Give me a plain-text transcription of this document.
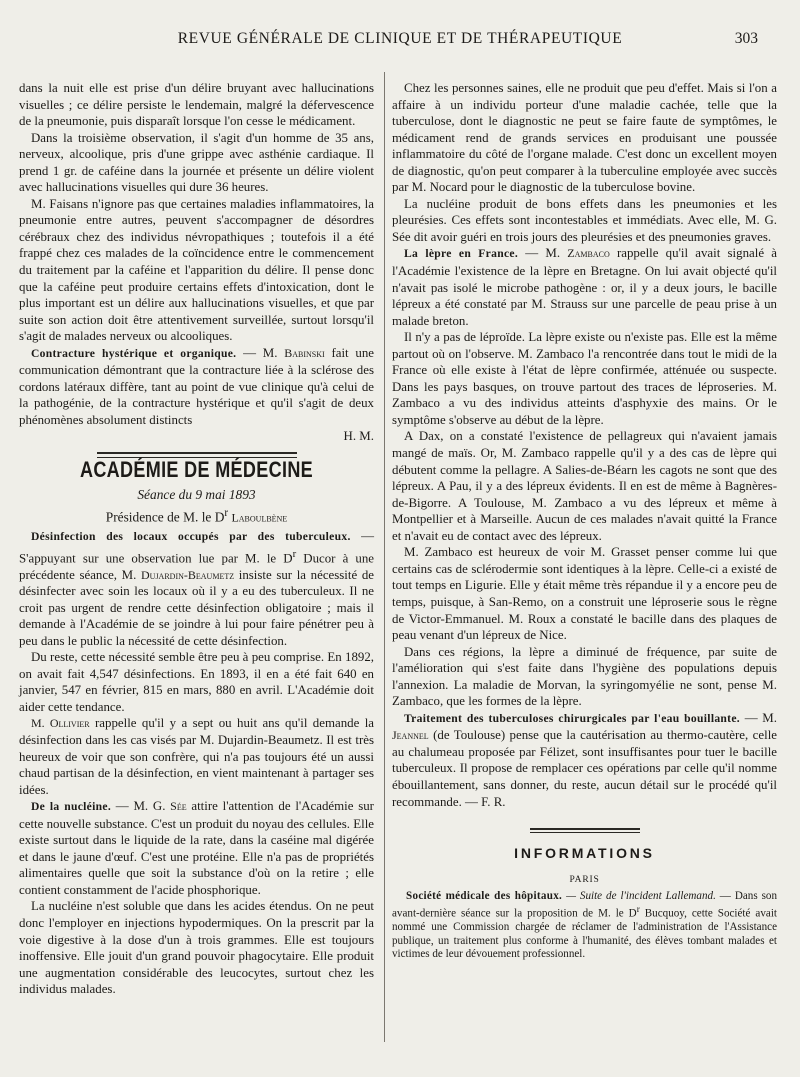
REVUE GÉNÉRALE DE CLINIQUE ET DE THÉRAPEUTIQUE	303

dans la nuit elle est prise d'un délire bruyant avec hallucinations visuelles ; ce délire persiste le lendemain, malgré la défervescence de la pneumonie, puis disparaît lorsque l'on cesse le médicament.

Dans la troisième observation, il s'agit d'un homme de 35 ans, nerveux, alcoolique, pris d'une grippe avec asthénie cardiaque. Il prend 1 gr. de caféine dans la journée et présente un délire violent avec hallucinations visuelles qui dure 36 heures.

M. Faisans n'ignore pas que certaines maladies inflammatoires, la pneumonie entre autres, peuvent s'accompagner de désordres cérébraux chez des individus névropathiques ; toutefois il a été frappé chez ces malades de la coïncidence entre le commencement du traitement par la caféine et l'apparition du délire. Il pense donc que la caféine peut produire certains effets d'intoxication, dont le plus important est un délire aux hallucinations visuelles, et que par suite son action doit être attentivement surveillée, surtout lorsqu'il s'agit de malades nerveux ou alcooliques.

Contracture hystérique et organique. — M. Babinski fait une communication démontrant que la contracture liée à la sclérose des cordons latéraux diffère, tant au point de vue clinique qu'à celui de la pathogénie, de la contracture hystérique et qu'il s'agit de deux phénomènes absolument distincts

H. M.

ACADÉMIE DE MÉDECINE
Séance du 9 mai 1893
Présidence de M. le $D^r$ Laboulbène

Désinfection des locaux occupés par des tuberculeux. — S'appuyant sur une observation lue par M. le $D^r$ Ducor à une précédente séance, M. Dujardin-Beaumetz insiste sur la nécessité de désinfecter avec soin les locaux où il y a eu des tuberculeux. Il ne croit pas urgent de rendre cette désinfection obligatoire ; mais il demande à l'Académie de se joindre à lui pour faire pénétrer peu à peu dans le public la nécessité de cette désinfection.

Du reste, cette nécessité semble être peu à peu comprise. En 1892, on avait fait 4,547 désinfections. En 1893, il en a été fait 640 en janvier, 547 en février, 815 en mars, 880 en avril. L'Académie doit aider cette tendance.

M. Ollivier rappelle qu'il y a sept ou huit ans qu'il demande la désinfection dans les cas visés par M. Dujardin-Beaumetz. Il est très heureux de voir que son confrère, qui n'a pas toujours été un aussi chaud partisan de la désinfection, en vient maintenant à partager ses idées.

De la nucléine. — M. G. Sée attire l'attention de l'Académie sur cette nouvelle substance. C'est un produit du noyau des cellules. Elle existe surtout dans le liquide de la rate, dans la caséine mal digérée et dans le jaune d'œuf. C'est une protéine. Elle n'a pas de propriétés alimentaires quelle que soit la substance d'où on la retire ; elle contient constamment de l'acide phosphorique.

La nucléine n'est soluble que dans les acides étendus. On ne peut donc l'employer en injections hypodermiques. On la prescrit par la voie digestive à la dose d'un à trois grammes. Elle est toujours inoffensive. Elle jouit d'un grand pouvoir phagocytaire. Elle produit une augmentation considérable des leucocytes, surtout chez les individus malades.

Chez les personnes saines, elle ne produit que peu d'effet. Mais si l'on a affaire à un individu porteur d'une maladie cachée, telle que la tuberculose, dont le diagnostic ne peut se faire faute de symptômes, le médicament rend de grands services en produisant une poussée inflammatoire du côté de l'organe malade. C'est donc un excellent moyen de diagnostic, qu'on peut comparer à la tuberculine employée avec succès par M. Nocard pour le diagnostic de la tuberculose bovine.

La nucléine produit de bons effets dans les pneumonies et les pleurésies. Ces effets sont incontestables et immédiats. Avec elle, M. G. Sée dit avoir guéri en trois jours des pleurésies et des pneumonies graves.

La lèpre en France. — M. Zambaco rappelle qu'il avait signalé à l'Académie l'existence de la lèpre en Bretagne. On lui avait objecté qu'il n'avait pas isolé le microbe pathogène : or, il y a deux jours, le bacille lépreux a été constaté par M. Strauss sur une parcelle de peau prise à un malade breton.

Il n'y a pas de léproïde. La lèpre existe ou n'existe pas. Elle est la même partout où on l'observe. M. Zambaco l'a rencontrée dans tout le midi de la France où elle existe à l'état de lèpre confirmée, atténuée ou suspecte. Dans les pays basques, on trouve partout des traces de léproseries. M. Zambaco a vu des individus atteints d'asphyxie des mains. Or le symptôme s'observe au début de la lèpre.

A Dax, on a constaté l'existence de pellagreux qui n'avaient jamais mangé de maïs. Or, M. Zambaco rappelle qu'il y a des cas de lèpre qui débutent comme la pellagre. A Salies-de-Béarn les cagots ne sont que des lépreux. A Pau, il y a des lépreux évidents. Il en est de même à Bagnères-de-Bigorre. A Toulouse, M. Zambaco a vu des lépreux et même à Montpellier et à Marseille. Aucun de ces malades n'avait quitté la France et n'avait eu de contact avec des lépreux.

M. Zambaco est heureux de voir M. Grasset penser comme lui que certains cas de sclérodermie sont identiques à la lèpre. Celle-ci a existé de tout temps en Ligurie. Elle y était même très répandue il y a encore peu de temps, puisque, à San-Remo, on a construit une léproserie sous le règne de Victor-Emmanuel. M. Roux a constaté le bacille dans des plaques de peau venant d'un lépreux de Nice.

Dans ces régions, la lèpre a diminué de fréquence, par suite de l'amélioration qui s'est faite dans l'hygiène des populations depuis l'annexion. La maladie de Morvan, la syringomyélie ne sont, pense M. Zambaco, que les formes de la lèpre.

Traitement des tuberculoses chirurgicales par l'eau bouillante. — M. Jeannel (de Toulouse) pense que la cautérisation au thermo-cautère, celle au chalumeau proposée par Félizet, sont insuffisantes pour tuer le bacille tuberculeux. Il propose de remplacer ces opérations par celle qu'il nomme ébouillantement, sans donner, du reste, aucun détail sur le procédé qu'il recommande. — F. R.

INFORMATIONS
PARIS

Société médicale des hôpitaux. — Suite de l'incident Lallemand. — Dans son avant-dernière séance sur la proposition de M. le $D^r$ Bucquoy, cette Société avait nommé une Commission chargée de réclamer de l'administration de l'Assistance publique, un traitement plus conforme à l'humanité, des élèves tombant malades et victimes de leur dévouement professionnel.
